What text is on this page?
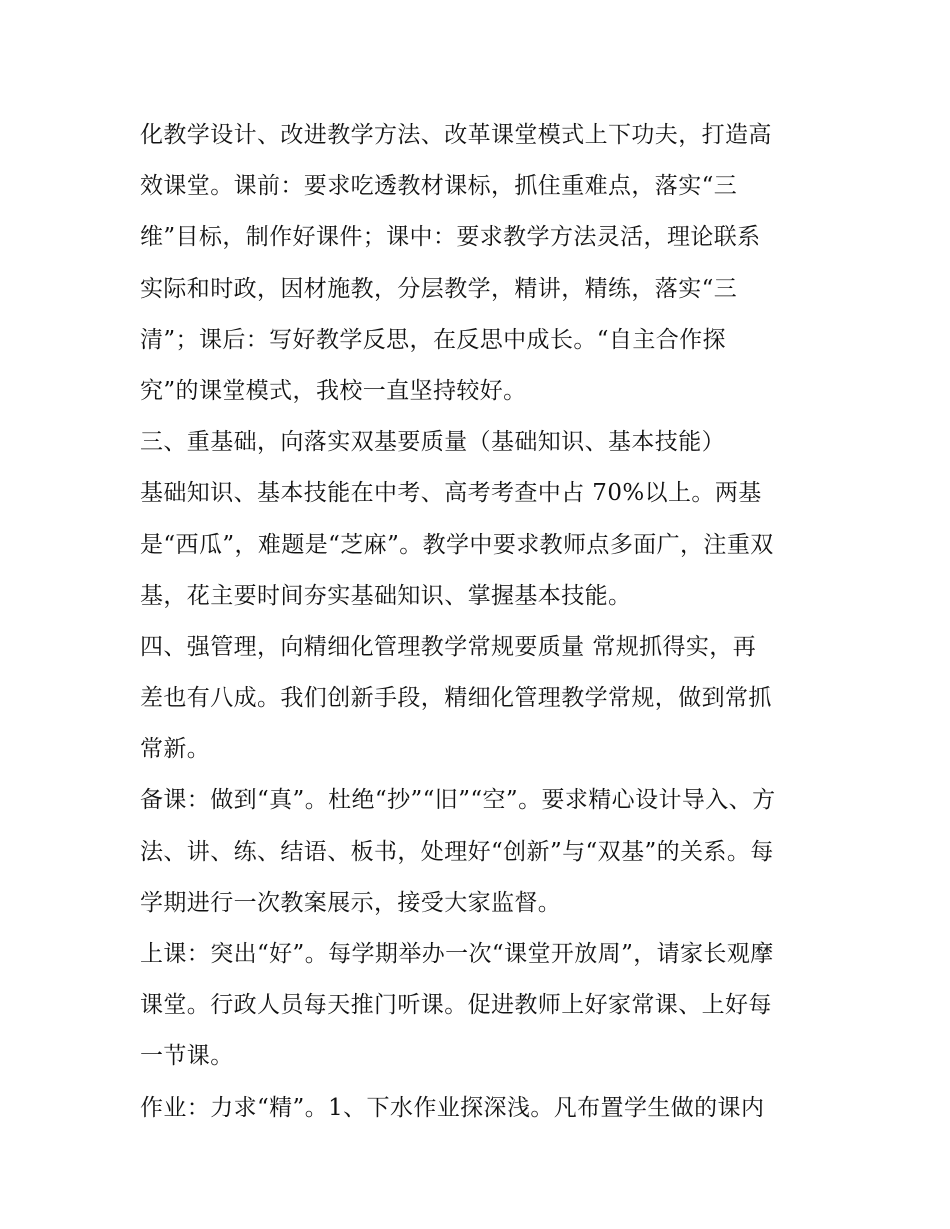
化教学设计、改进教学方法、改革课堂模式上下功夫，打造高
效课堂。课前：要求吃透教材课标，抓住重难点，落实“三
维”目标，制作好课件；课中：要求教学方法灵活，理论联系
实际和时政，因材施教，分层教学，精讲，精练，落实“三
清”；课后：写好教学反思，在反思中成长。“自主合作探
究”的课堂模式，我校一直坚持较好。
三、重基础，向落实双基要质量（基础知识、基本技能）
基础知识、基本技能在中考、高考考查中占 70%以上。两基
是“西瓜”，难题是“芝麻”。教学中要求教师点多面广，注重双
基，花主要时间夯实基础知识、掌握基本技能。
四、强管理，向精细化管理教学常规要质量 常规抓得实，再
差也有八成。我们创新手段，精细化管理教学常规，做到常抓
常新。
备课：做到“真”。杜绝“抄”“旧”“空”。要求精心设计导入、方
法、讲、练、结语、板书，处理好“创新”与“双基”的关系。每
学期进行一次教案展示，接受大家监督。
上课：突出“好”。每学期举办一次“课堂开放周”，请家长观摩
课堂。行政人员每天推门听课。促进教师上好家常课、上好每
一节课。
作业：力求“精”。1、下水作业探深浅。凡布置学生做的课内
